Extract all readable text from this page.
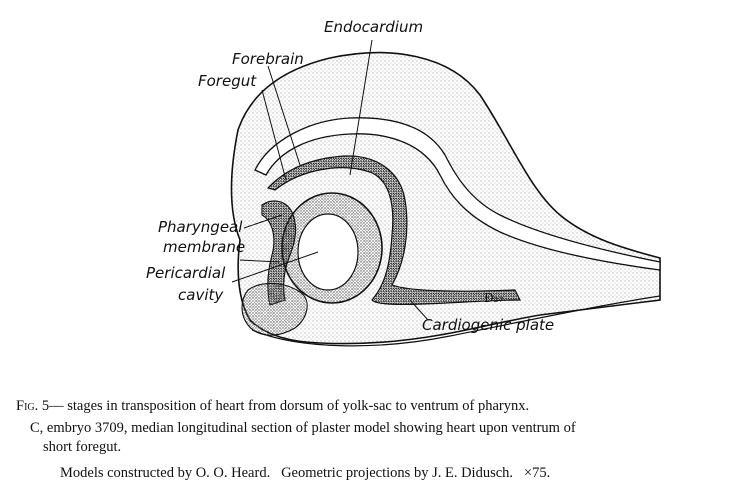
Endocardium
Forebrain
Foregut
Pharyngeal
membrane
Pericardial
cavity
Cardiogenic plate
Ɖ₂₇

Fig. 5— stages in transposition of heart from dorsum of yolk-sac to ventrum of pharynx.

C, embryo 3709, median longitudinal section of plaster model showing heart upon ventrum of

short foregut.

Models constructed by O. O. Heard.   Geometric projections by J. E. Didusch.   ×75.
